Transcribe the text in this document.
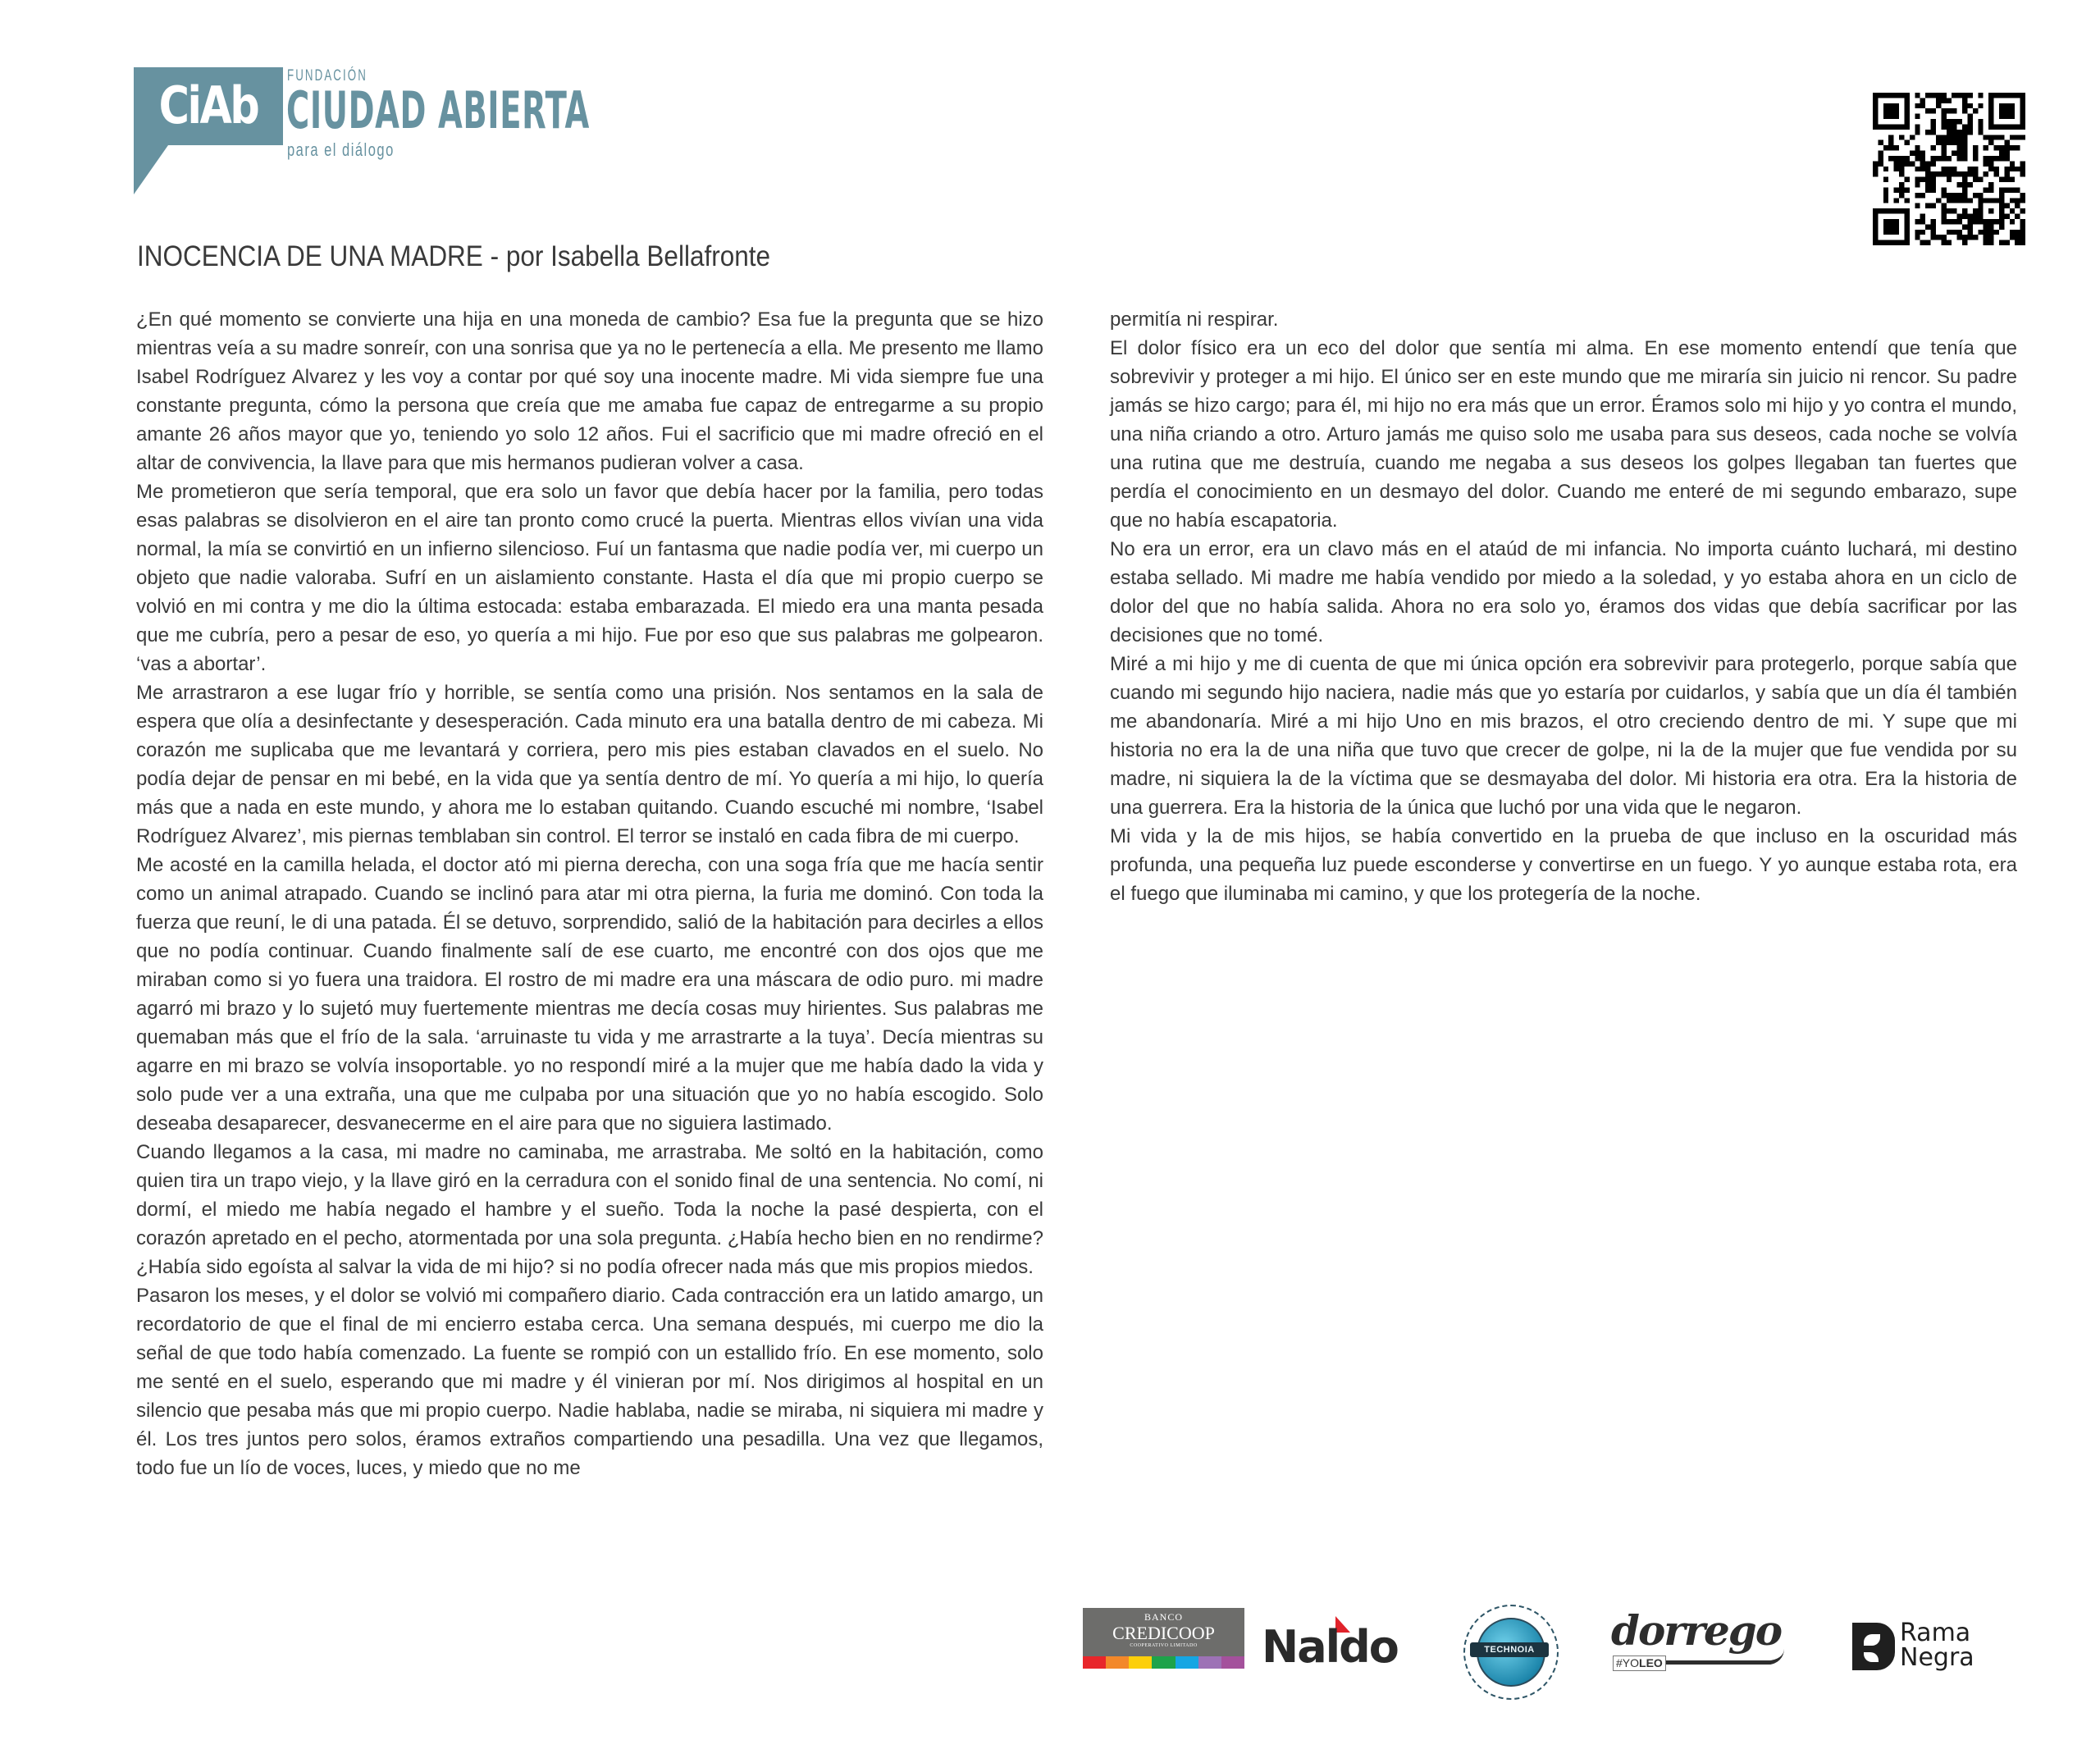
CiAb	FUNDACIÓN
CIUDAD ABIERTA
para el diálogo
INOCENCIA DE UNA MADRE - por Isabella Bellafronte

¿En qué momento se convierte una hija en una moneda de cambio? Esa fue la pregunta que se hizo mientras veía a su madre sonreír, con una sonrisa que ya no le pertenecía a ella. Me presento me llamo Isabel Rodríguez Alvarez y les voy a contar por qué soy una inocente madre. Mi vida siempre fue una constante pregunta, cómo la persona que creía que me amaba fue capaz de entregarme a su propio amante 26 años mayor que yo, teniendo yo solo 12 años. Fui el sacrificio que mi madre ofreció en el altar de convivencia, la llave para que mis hermanos pudieran volver a casa.

Me prometieron que sería temporal, que era solo un favor que debía hacer por la familia, pero todas esas palabras se disolvieron en el aire tan pronto como crucé la puerta. Mientras ellos vivían una vida normal, la mía se convirtió en un infierno silencioso. Fuí un fantasma que nadie podía ver, mi cuerpo un objeto que nadie valoraba. Sufrí en un aislamiento constante. Hasta el día que mi propio cuerpo se volvió en mi contra y me dio la última estocada: estaba embarazada. El miedo era una manta pesada que me cubría, pero a pesar de eso, yo quería a mi hijo. Fue por eso que sus palabras me golpearon. ‘vas a abortar’.

Me arrastraron a ese lugar frío y horrible, se sentía como una prisión. Nos sentamos en la sala de espera que olía a desinfectante y desesperación. Cada minuto era una batalla dentro de mi cabeza. Mi corazón me suplicaba que me levantará y corriera, pero mis pies estaban clavados en el suelo. No podía dejar de pensar en mi bebé, en la vida que ya sentía dentro de mí. Yo quería a mi hijo, lo quería más que a nada en este mundo, y ahora me lo estaban quitando. Cuando escuché mi nombre, ‘Isabel Rodríguez Alvarez’, mis piernas temblaban sin control. El terror se instaló en cada fibra de mi cuerpo.

Me acosté en la camilla helada, el doctor ató mi pierna derecha, con una soga fría que me hacía sentir como un animal atrapado. Cuando se inclinó para atar mi otra pierna, la furia me dominó. Con toda la fuerza que reuní, le di una patada. Él se detuvo, sorprendido, salió de la habitación para decirles a ellos que no podía continuar. Cuando finalmente salí de ese cuarto, me encontré con dos ojos que me miraban como si yo fuera una traidora. El rostro de mi madre era una máscara de odio puro. mi madre agarró mi brazo y lo sujetó muy fuertemente mientras me decía cosas muy hirientes. Sus palabras me quemaban más que el frío de la sala. ‘arruinaste tu vida y me arrastrarte a la tuya’. Decía mientras su agarre en mi brazo se volvía insoportable. yo no respondí miré a la mujer que me había dado la vida y solo pude ver a una extraña, una que me culpaba por una situación que yo no había escogido. Solo deseaba desaparecer, desvanecerme en el aire para que no siguiera lastimado.

Cuando llegamos a la casa, mi madre no caminaba, me arrastraba. Me soltó en la habitación, como quien tira un trapo viejo, y la llave giró en la cerradura con el sonido final de una sentencia. No comí, ni dormí, el miedo me había negado el hambre y el sueño. Toda la noche la pasé despierta, con el corazón apretado en el pecho, atormentada por una sola pregunta. ¿Había hecho bien en no rendirme? ¿Había sido egoísta al salvar la vida de mi hijo? si no podía ofrecer nada más que mis propios miedos.

Pasaron los meses, y el dolor se volvió mi compañero diario. Cada contracción era un latido amargo, un recordatorio de que el final de mi encierro estaba cerca. Una semana después, mi cuerpo me dio la señal de que todo había comenzado. La fuente se rompió con un estallido frío. En ese momento, solo me senté en el suelo, esperando que mi madre y él vinieran por mí. Nos dirigimos al hospital en un silencio que pesaba más que mi propio cuerpo. Nadie hablaba, nadie se miraba, ni siquiera mi madre y él. Los tres juntos pero solos, éramos extraños compartiendo una pesadilla. Una vez que llegamos, todo fue un lío de voces, luces, y miedo que no me

permitía ni respirar.

El dolor físico era un eco del dolor que sentía mi alma. En ese momento entendí que tenía que sobrevivir y proteger a mi hijo. El único ser en este mundo que me miraría sin juicio ni rencor. Su padre jamás se hizo cargo; para él, mi hijo no era más que un error. Éramos solo mi hijo y yo contra el mundo, una niña criando a otro. Arturo jamás me quiso solo me usaba para sus deseos, cada noche se volvía una rutina que me destruía, cuando me negaba a sus deseos los golpes llegaban tan fuertes que perdía el conocimiento en un desmayo del dolor. Cuando me enteré de mi segundo embarazo, supe que no había escapatoria.

No era un error, era un clavo más en el ataúd de mi infancia. No importa cuánto luchará, mi destino estaba sellado. Mi madre me había vendido por miedo a la soledad, y yo estaba ahora en un ciclo de dolor del que no había salida. Ahora no era solo yo, éramos dos vidas que debía sacrificar por las decisiones que no tomé.

Miré a mi hijo y me di cuenta de que mi única opción era sobrevivir para protegerlo, porque sabía que cuando mi segundo hijo naciera, nadie más que yo estaría por cuidarlos, y sabía que un día él también me abandonaría. Miré a mi hijo Uno en mis brazos, el otro creciendo dentro de mi. Y supe que mi historia no era la de una niña que tuvo que crecer de golpe, ni la de la mujer que fue vendida por su madre, ni siquiera la de la víctima que se desmayaba del dolor. Mi historia era otra. Era la historia de una guerrera. Era la historia de la única que luchó por una vida que le negaron.

Mi vida y la de mis hijos, se había convertido en la prueba de que incluso en la oscuridad más profunda, una pequeña luz puede esconderse y convertirse en un fuego. Y yo aunque estaba rota, era el fuego que iluminaba mi camino, y que los protegería de la noche.

BANCO
CREDICOOP
COOPERATIVO LIMITADO	Naldo	TECHNOIA	dorrego
#YOLEO
Rama
Negra
